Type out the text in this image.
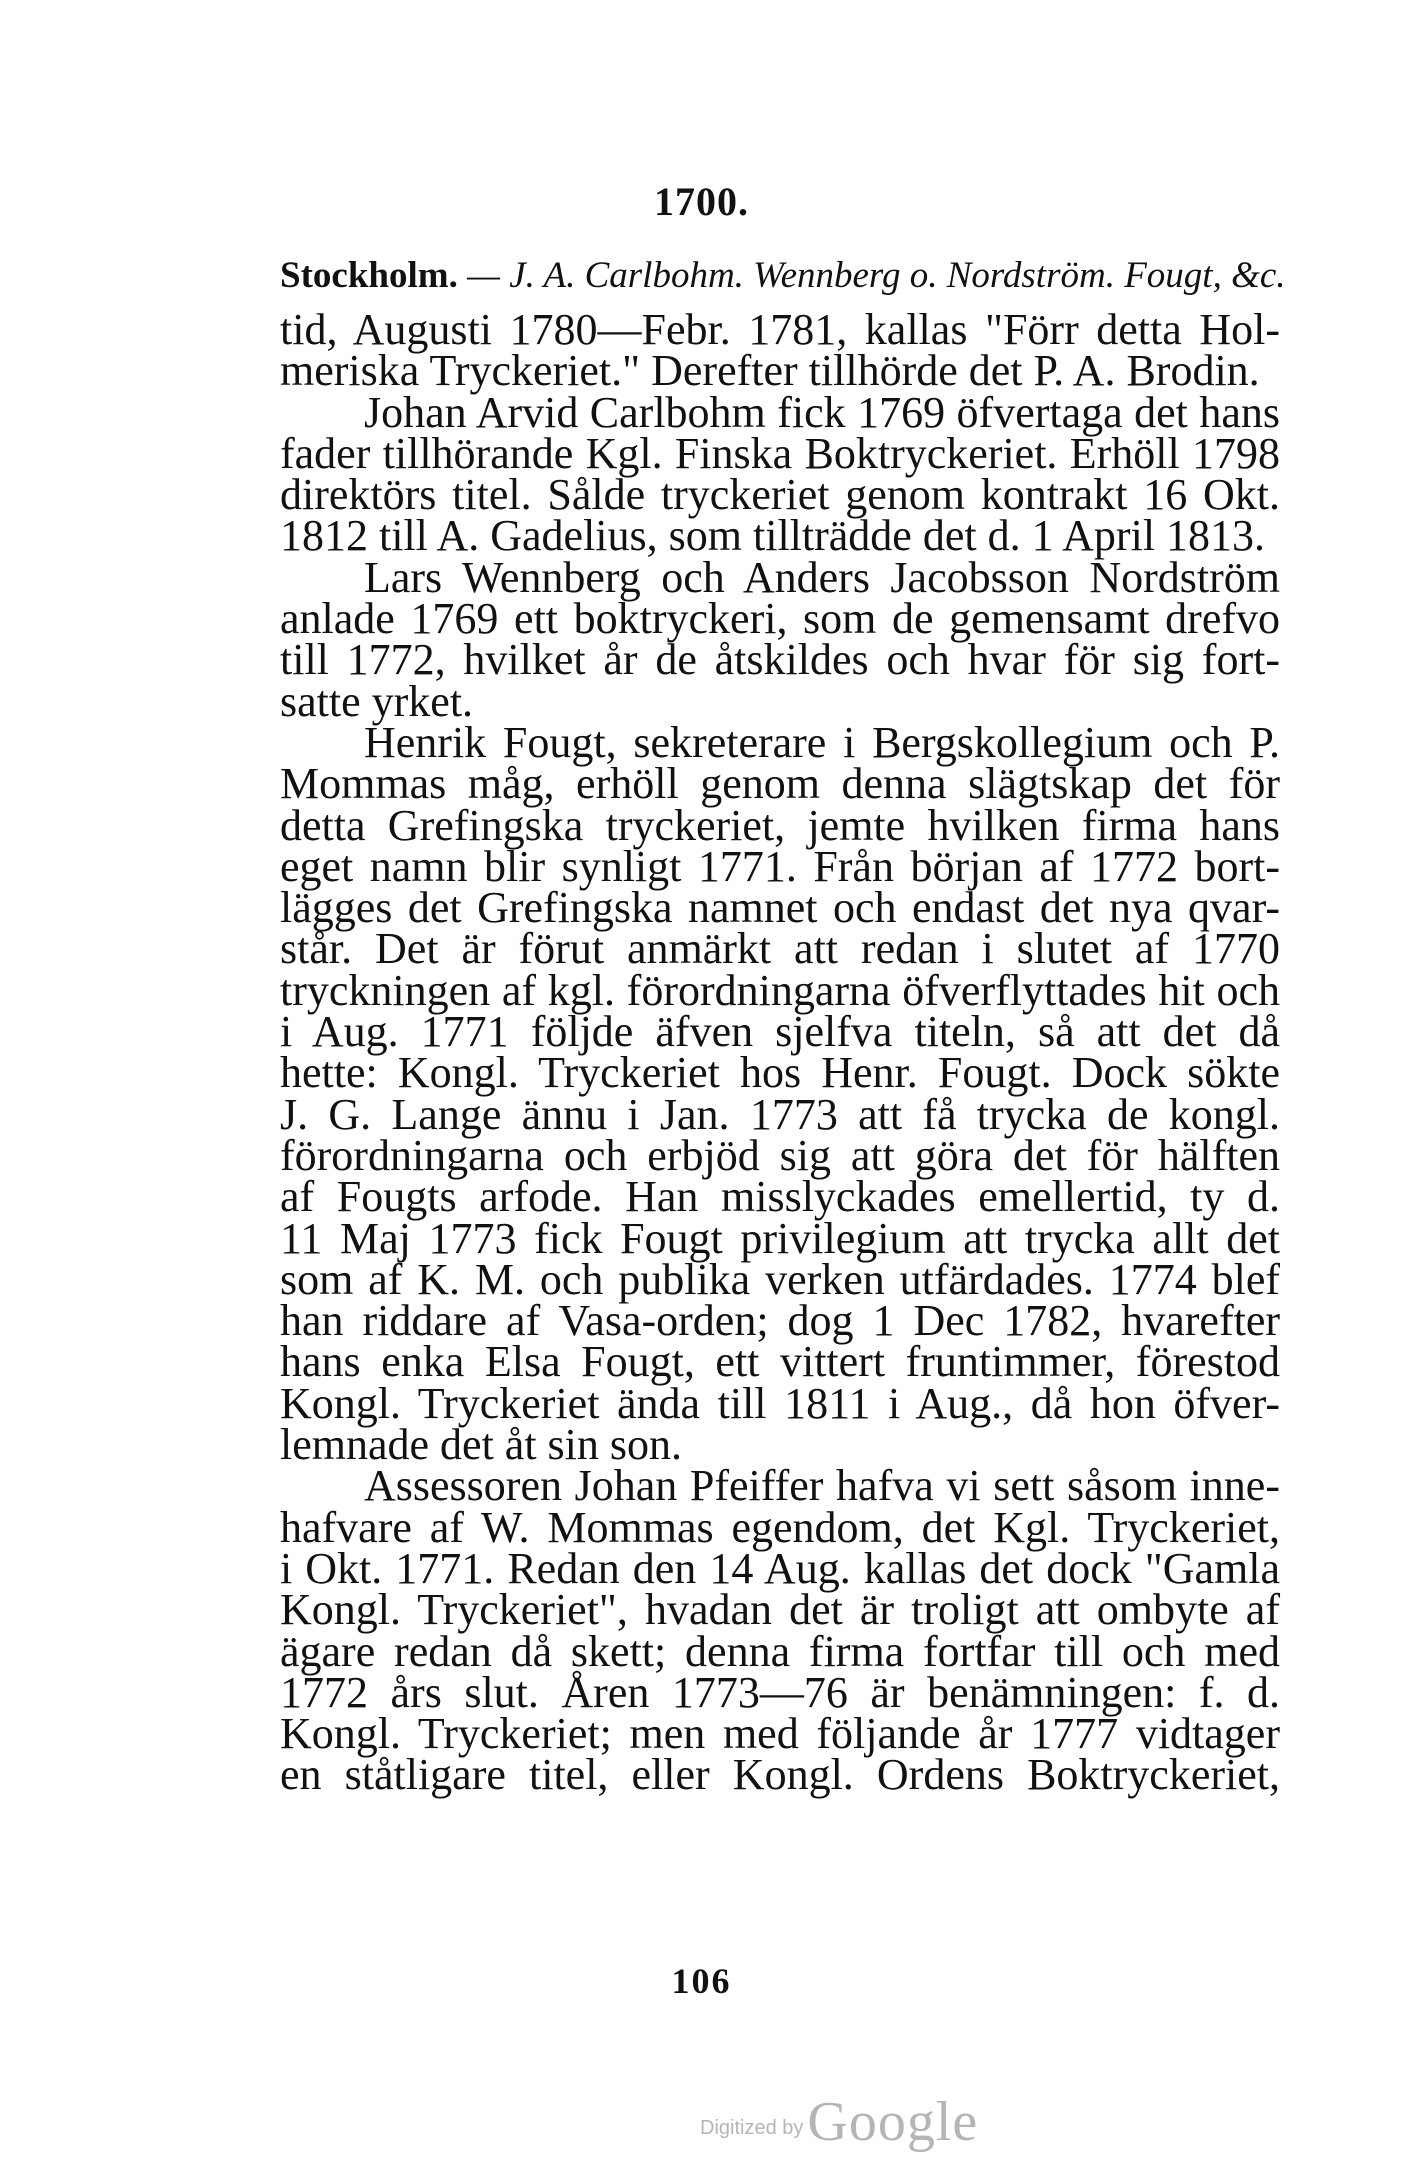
1700.
Stockholm. — J. A. Carlbohm. Wennberg o. Nordström. Fougt, &c.
tid, Augusti 1780—Febr. 1781, kallas "Förr detta Hol-
meriska Tryckeriet." Derefter tillhörde det P. A. Brodin.
Johan Arvid Carlbohm fick 1769 öfvertaga det hans
fader tillhörande Kgl. Finska Boktryckeriet. Erhöll 1798
direktörs titel. Sålde tryckeriet genom kontrakt 16 Okt.
1812 till A. Gadelius, som tillträdde det d. 1 April 1813.
Lars Wennberg och Anders Jacobsson Nordström
anlade 1769 ett boktryckeri, som de gemensamt drefvo
till 1772, hvilket år de åtskildes och hvar för sig fort-
satte yrket.
Henrik Fougt, sekreterare i Bergskollegium och P.
Mommas måg, erhöll genom denna slägtskap det för
detta Grefingska tryckeriet, jemte hvilken firma hans
eget namn blir synligt 1771. Från början af 1772 bort-
lägges det Grefingska namnet och endast det nya qvar-
står. Det är förut anmärkt att redan i slutet af 1770
tryckningen af kgl. förordningarna öfverflyttades hit och
i Aug. 1771 följde äfven sjelfva titeln, så att det då
hette: Kongl. Tryckeriet hos Henr. Fougt. Dock sökte
J. G. Lange ännu i Jan. 1773 att få trycka de kongl.
förordningarna och erbjöd sig att göra det för hälften
af Fougts arfode. Han misslyckades emellertid, ty d.
11 Maj 1773 fick Fougt privilegium att trycka allt det
som af K. M. och publika verken utfärdades. 1774 blef
han riddare af Vasa-orden; dog 1 Dec 1782, hvarefter
hans enka Elsa Fougt, ett vittert fruntimmer, förestod
Kongl. Tryckeriet ända till 1811 i Aug., då hon öfver-
lemnade det åt sin son.
Assessoren Johan Pfeiffer hafva vi sett såsom inne-
hafvare af W. Mommas egendom, det Kgl. Tryckeriet,
i Okt. 1771. Redan den 14 Aug. kallas det dock "Gamla
Kongl. Tryckeriet", hvadan det är troligt att ombyte af
ägare redan då skett; denna firma fortfar till och med
1772 års slut. Åren 1773—76 är benämningen: f. d.
Kongl. Tryckeriet; men med följande år 1777 vidtager
en ståtligare titel, eller Kongl. Ordens Boktryckeriet,
106
Digitized by Google
